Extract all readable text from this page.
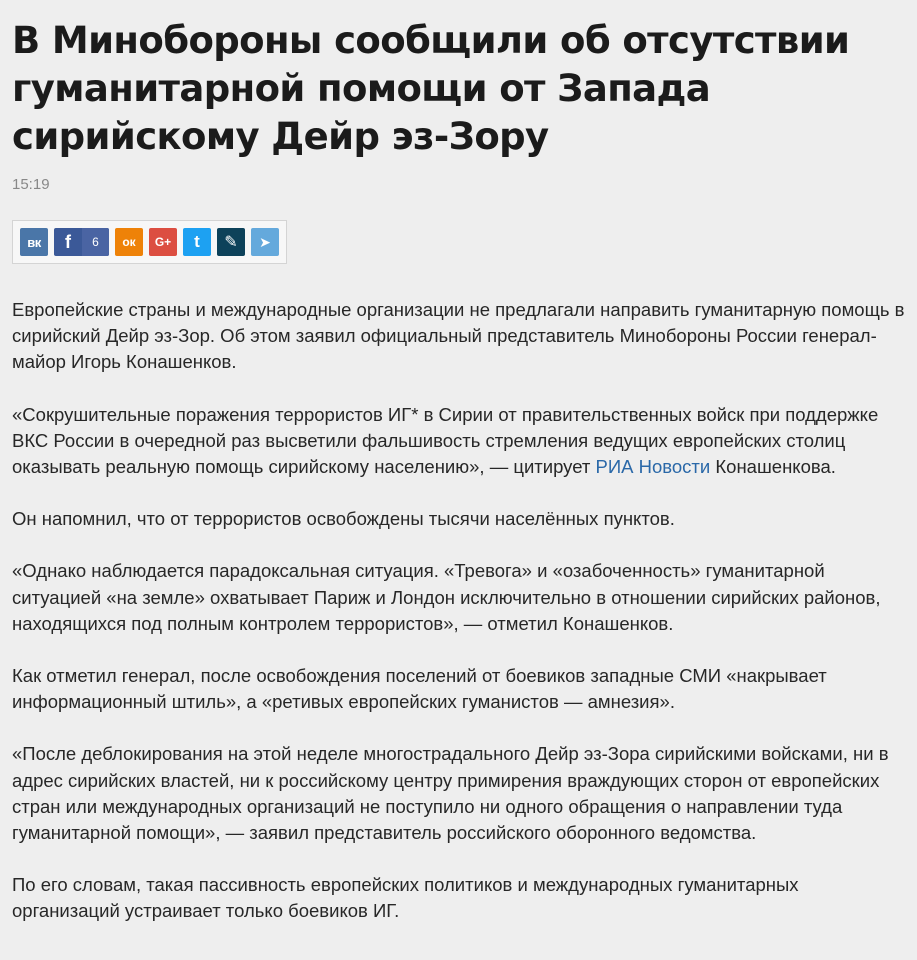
В Минобороны сообщили об отсутствии гуманитарной помощи от Запада сирийскому Дейр эз-Зору
15:19
вк	f	6	ок G+ t ✎ ➤

Европейские страны и международные организации не предлагали направить гуманитарную помощь в сирийский Дейр эз-Зор. Об этом заявил официальный представитель Минобороны России генерал-майор Игорь Конашенков.

«Сокрушительные поражения террористов ИГ* в Сирии от правительственных войск при поддержке ВКС России в очередной раз высветили фальшивость стремления ведущих европейских столиц оказывать реальную помощь сирийскому населению», — цитирует РИА Новости Конашенкова.

Он напомнил, что от террористов освобождены тысячи населённых пунктов.

«Однако наблюдается парадоксальная ситуация. «Тревога» и «озабоченность» гуманитарной ситуацией «на земле» охватывает Париж и Лондон исключительно в отношении сирийских районов, находящихся под полным контролем террористов», — отметил Конашенков.

Как отметил генерал, после освобождения поселений от боевиков западные СМИ «накрывает информационный штиль», а «ретивых европейских гуманистов — амнезия».

«После деблокирования на этой неделе многострадального Дейр эз-Зора сирийскими войсками, ни в адрес сирийских властей, ни к российскому центру примирения враждующих сторон от европейских стран или международных организаций не поступило ни одного обращения о направлении туда гуманитарной помощи», — заявил представитель российского оборонного ведомства.

По его словам, такая пассивность европейских политиков и международных гуманитарных организаций устраивает только боевиков ИГ.
